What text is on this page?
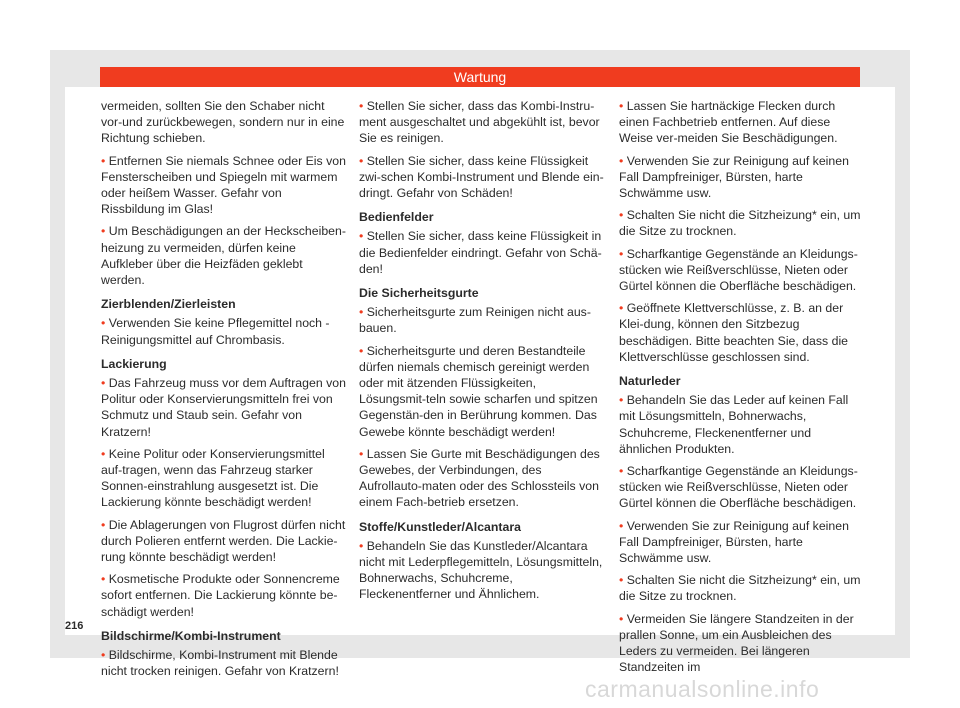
Wartung

vermeiden, sollten Sie den Schaber nicht vor-und zurückbewegen, sondern nur in eine Richtung schieben.

• Entfernen Sie niemals Schnee oder Eis von Fensterscheiben und Spiegeln mit warmem oder heißem Wasser. Gefahr von Rissbildung im Glas!

• Um Beschädigungen an der Heckscheiben-heizung zu vermeiden, dürfen keine Aufkleber über die Heizfäden geklebt werden.

Zierblenden/Zierleisten

• Verwenden Sie keine Pflegemittel noch -Reinigungsmittel auf Chrombasis.

Lackierung

• Das Fahrzeug muss vor dem Auftragen von Politur oder Konservierungsmitteln frei von Schmutz und Staub sein. Gefahr von Kratzern!

• Keine Politur oder Konservierungsmittel auf-tragen, wenn das Fahrzeug starker Sonnen-einstrahlung ausgesetzt ist. Die Lackierung könnte beschädigt werden!

• Die Ablagerungen von Flugrost dürfen nicht durch Polieren entfernt werden. Die Lackie-rung könnte beschädigt werden!

• Kosmetische Produkte oder Sonnencreme sofort entfernen. Die Lackierung könnte be-schädigt werden!

Bildschirme/Kombi-Instrument

• Bildschirme, Kombi-Instrument mit Blende nicht trocken reinigen. Gefahr von Kratzern!

• Stellen Sie sicher, dass das Kombi-Instru-ment ausgeschaltet und abgekühlt ist, bevor Sie es reinigen.

• Stellen Sie sicher, dass keine Flüssigkeit zwi-schen Kombi-Instrument und Blende ein-dringt. Gefahr von Schäden!

Bedienfelder

• Stellen Sie sicher, dass keine Flüssigkeit in die Bedienfelder eindringt. Gefahr von Schä-den!

Die Sicherheitsgurte

• Sicherheitsgurte zum Reinigen nicht aus-bauen.

• Sicherheitsgurte und deren Bestandteile dürfen niemals chemisch gereinigt werden oder mit ätzenden Flüssigkeiten, Lösungsmit-teln sowie scharfen und spitzen Gegenstän-den in Berührung kommen. Das Gewebe könnte beschädigt werden!

• Lassen Sie Gurte mit Beschädigungen des Gewebes, der Verbindungen, des Aufrollauto-maten oder des Schlossteils von einem Fach-betrieb ersetzen.

Stoffe/Kunstleder/Alcantara

• Behandeln Sie das Kunstleder/Alcantara nicht mit Lederpflegemitteln, Lösungsmitteln, Bohnerwachs, Schuhcreme, Fleckenentferner und Ähnlichem.

• Lassen Sie hartnäckige Flecken durch einen Fachbetrieb entfernen. Auf diese Weise ver-meiden Sie Beschädigungen.

• Verwenden Sie zur Reinigung auf keinen Fall Dampfreiniger, Bürsten, harte Schwämme usw.

• Schalten Sie nicht die Sitzheizung* ein, um die Sitze zu trocknen.

• Scharfkantige Gegenstände an Kleidungs-stücken wie Reißverschlüsse, Nieten oder Gürtel können die Oberfläche beschädigen.

• Geöffnete Klettverschlüsse, z. B. an der Klei-dung, können den Sitzbezug beschädigen. Bitte beachten Sie, dass die Klettverschlüsse geschlossen sind.

Naturleder

• Behandeln Sie das Leder auf keinen Fall mit Lösungsmitteln, Bohnerwachs, Schuhcreme, Fleckenentferner und ähnlichen Produkten.

• Scharfkantige Gegenstände an Kleidungs-stücken wie Reißverschlüsse, Nieten oder Gürtel können die Oberfläche beschädigen.

• Verwenden Sie zur Reinigung auf keinen Fall Dampfreiniger, Bürsten, harte Schwämme usw.

• Schalten Sie nicht die Sitzheizung* ein, um die Sitze zu trocknen.

• Vermeiden Sie längere Standzeiten in der prallen Sonne, um ein Ausbleichen des Leders zu vermeiden. Bei längeren Standzeiten im

216
carmanualsonline.info
